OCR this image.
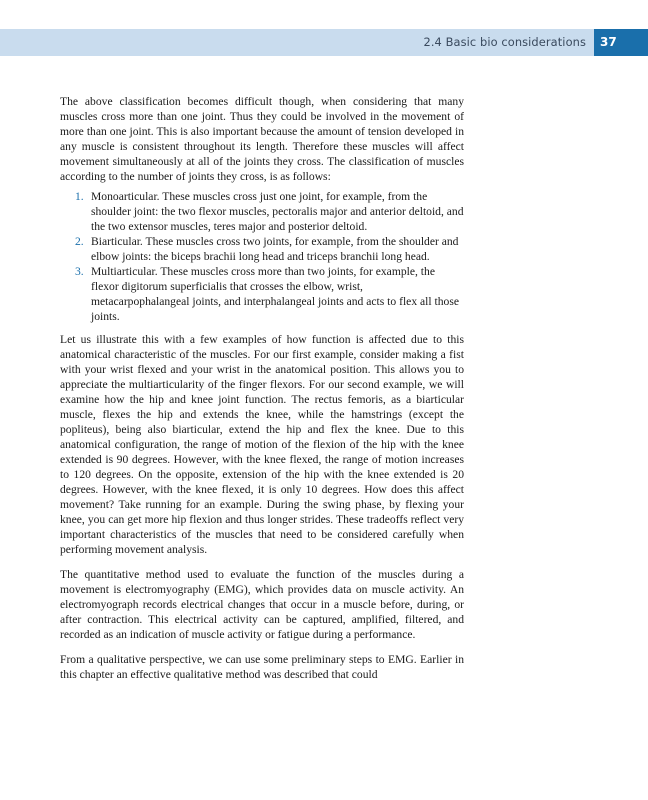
2.4 Basic bio considerations 37

The above classification becomes difficult though, when considering that many muscles cross more than one joint. Thus they could be involved in the movement of more than one joint. This is also important because the amount of tension developed in any muscle is consistent throughout its length. Therefore these muscles will affect movement simultaneously at all of the joints they cross. The classification of muscles according to the number of joints they cross, is as follows:

1. Monoarticular. These muscles cross just one joint, for example, from the shoulder joint: the two flexor muscles, pectoralis major and anterior deltoid, and the two extensor muscles, teres major and posterior deltoid.
2. Biarticular. These muscles cross two joints, for example, from the shoulder and elbow joints: the biceps brachii long head and triceps branchii long head.
3. Multiarticular. These muscles cross more than two joints, for example, the flexor digitorum superficialis that crosses the elbow, wrist, metacarpophalangeal joints, and interphalangeal joints and acts to flex all those joints.

Let us illustrate this with a few examples of how function is affected due to this anatomical characteristic of the muscles. For our first example, consider making a fist with your wrist flexed and your wrist in the anatomical position. This allows you to appreciate the multiarticularity of the finger flexors. For our second example, we will examine how the hip and knee joint function. The rectus femoris, as a biarticular muscle, flexes the hip and extends the knee, while the hamstrings (except the popliteus), being also biarticular, extend the hip and flex the knee. Due to this anatomical configuration, the range of motion of the flexion of the hip with the knee extended is 90 degrees. However, with the knee flexed, the range of motion increases to 120 degrees. On the opposite, extension of the hip with the knee extended is 20 degrees. However, with the knee flexed, it is only 10 degrees. How does this affect movement? Take running for an example. During the swing phase, by flexing your knee, you can get more hip flexion and thus longer strides. These tradeoffs reflect very important characteristics of the muscles that need to be considered carefully when performing movement analysis.

The quantitative method used to evaluate the function of the muscles during a movement is electromyography (EMG), which provides data on muscle activity. An electromyograph records electrical changes that occur in a muscle before, during, or after contraction. This electrical activity can be captured, amplified, filtered, and recorded as an indication of muscle activity or fatigue during a performance.

From a qualitative perspective, we can use some preliminary steps to EMG. Earlier in this chapter an effective qualitative method was described that could
